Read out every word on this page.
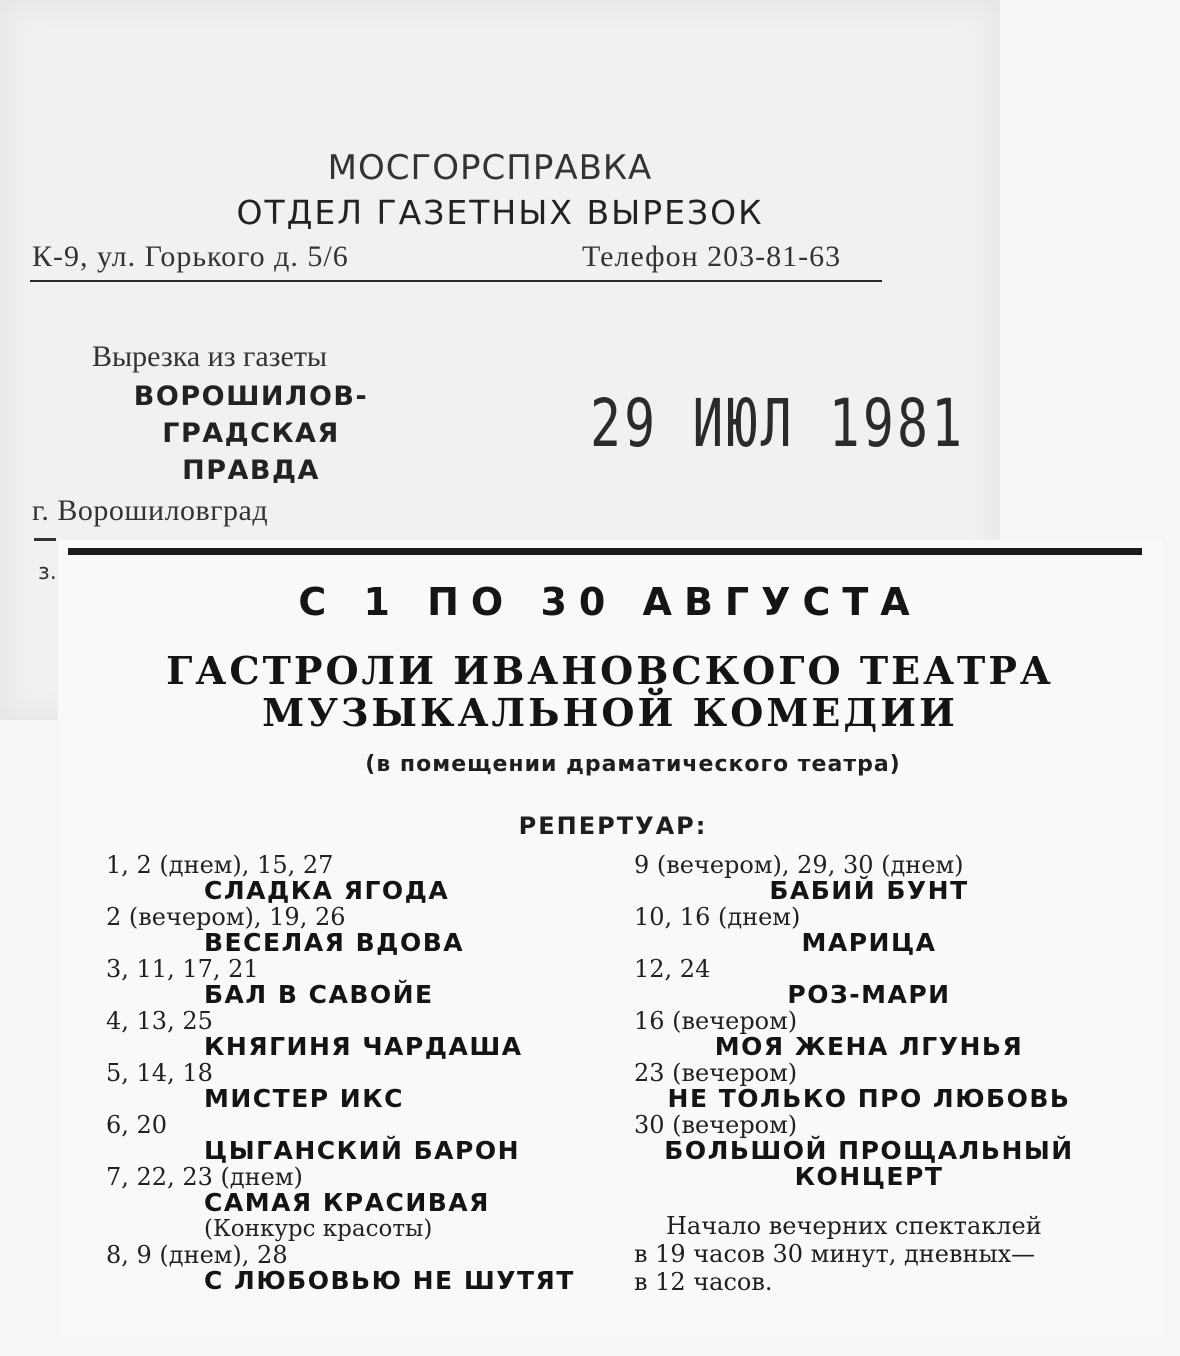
МОСГОРСПРАВКА
ОТДЕЛ ГАЗЕТНЫХ ВЫРЕЗОК
К-9, ул. Горького д. 5/6	Телефон 203-81-63
Вырезка из газеты
ВОРОШИЛОВ-
ГРАДСКАЯ
ПРАВДА
г. Ворошиловград
з.
29 ИЮЛ 1981
С 1 ПО 30 АВГУСТА
ГАСТРОЛИ ИВАНОВСКОГО ТЕАТРА
МУЗЫКАЛЬНОЙ КОМЕДИИ
(в помещении драматического театра)
РЕПЕРТУАР:
1, 2 (днем), 15, 27
СЛАДКА ЯГОДА
2 (вечером), 19, 26
ВЕСЕЛАЯ ВДОВА
3, 11, 17, 21
БАЛ В САВОЙЕ
4, 13, 25
КНЯГИНЯ ЧАРДАША
5, 14, 18
МИСТЕР ИКС
6, 20
ЦЫГАНСКИЙ БАРОН
7, 22, 23 (днем)
САМАЯ КРАСИВАЯ
(Конкурс красоты)
8, 9 (днем), 28
С ЛЮБОВЬЮ НЕ ШУТЯТ
9 (вечером), 29, 30 (днем)
БАБИЙ БУНТ
10, 16 (днем)
МАРИЦА
12, 24
РОЗ-МАРИ
16 (вечером)
МОЯ ЖЕНА ЛГУНЬЯ
23 (вечером)
НЕ ТОЛЬКО ПРО ЛЮБОВЬ
30 (вечером)
БОЛЬШОЙ ПРОЩАЛЬНЫЙ
КОНЦЕРТ
Начало вечерних спектаклей
в 19 часов 30 минут, дневных—
в 12 часов.
